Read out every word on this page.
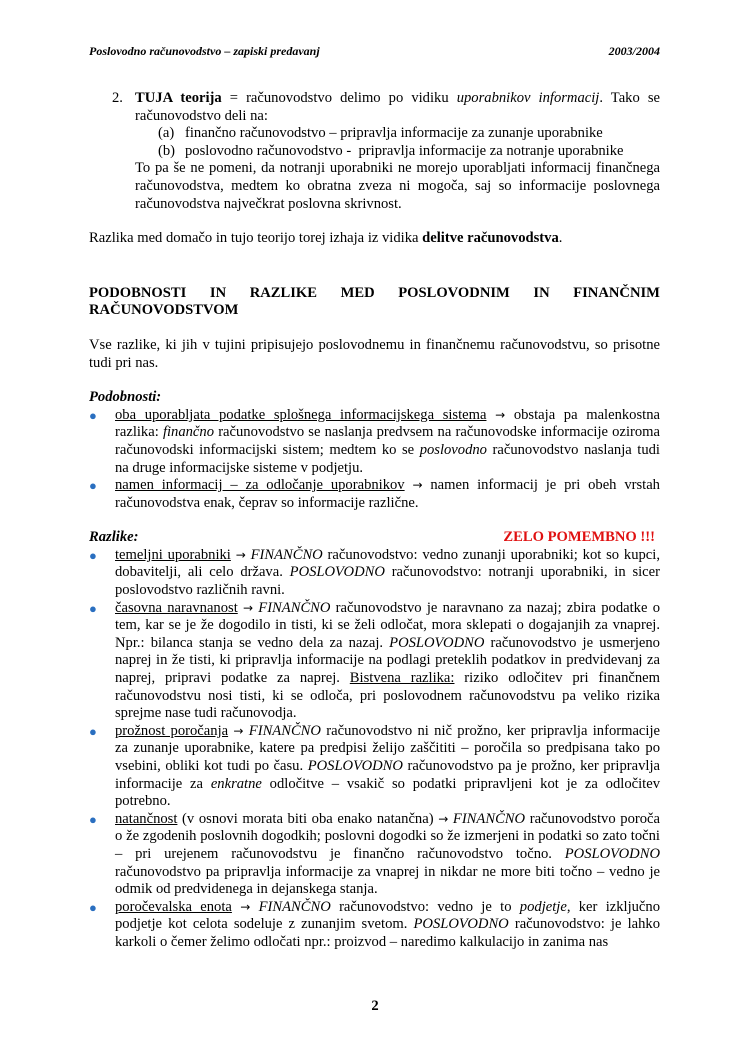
Poslovodno računovodstvo – zapiski predavanj	2003/2004
2. TUJA teorija = računovodstvo delimo po vidiku uporabnikov informacij. Tako se računovodstvo deli na:

(a) finančno računovodstvo – pripravlja informacije za zunanje uporabnike
(b) poslovodno računovodstvo -  pripravlja informacije za notranje uporabnike

To pa še ne pomeni, da notranji uporabniki ne morejo uporabljati informacij finančnega računovodstva, medtem ko obratna zveza ni mogoča, saj so informacije poslovnega računovodstva največkrat poslovna skrivnost.

Razlika med domačo in tujo teorijo torej izhaja iz vidika delitve računovodstva.

PODOBNOSTI IN RAZLIKE MED POSLOVODNIM IN FINANČNIM
RAČUNOVODSTVOM

Vse razlike, ki jih v tujini pripisujejo poslovodnemu in finančnemu računovodstvu, so prisotne tudi pri nas.

Podobnosti:
●	oba uporabljata podatke splošnega informacijskega sistema → obstaja pa malenkostna razlika: finančno računovodstvo se naslanja predvsem na računovodske informacije oziroma računovodski informacijski sistem; medtem ko se poslovodno računovodstvo naslanja tudi na druge informacijske sisteme v podjetju.
●	namen informacij – za odločanje uporabnikov → namen informacij je pri obeh vrstah računovodstva enak, čeprav so informacije različne.
Razlike:	ZELO POMEMBNO !!!
●	temeljni uporabniki → FINANČNO računovodstvo: vedno zunanji uporabniki; kot so kupci, dobavitelji, ali celo država. POSLOVODNO računovodstvo: notranji uporabniki, in sicer poslovodstvo različnih ravni.
●	časovna naravnanost → FINANČNO računovodstvo je naravnano za nazaj; zbira podatke o tem, kar se je že dogodilo in tisti, ki se želi odločat, mora sklepati o dogajanjih za vnaprej. Npr.: bilanca stanja se vedno dela za nazaj. POSLOVODNO računovodstvo je usmerjeno naprej in že tisti, ki pripravlja informacije na podlagi preteklih podatkov in predvidevanj za naprej, pripravi podatke za naprej. Bistvena razlika: riziko odločitev pri finančnem računovodstvu nosi tisti, ki se odloča, pri poslovodnem računovodstvu pa veliko rizika sprejme nase tudi računovodja.
●	prožnost poročanja → FINANČNO računovodstvo ni nič prožno, ker pripravlja informacije za zunanje uporabnike, katere pa predpisi želijo zaščititi – poročila so predpisana tako po vsebini, obliki kot tudi po času. POSLOVODNO računovodstvo pa je prožno, ker pripravlja informacije za enkratne odločitve – vsakič so podatki pripravljeni kot je za odločitev potrebno.
●	natančnost (v osnovi morata biti oba enako natančna) → FINANČNO računovodstvo poroča o že zgodenih poslovnih dogodkih; poslovni dogodki so že izmerjeni in podatki so zato točni – pri urejenem računovodstvu je finančno računovodstvo točno. POSLOVODNO računovodstvo pa pripravlja informacije za vnaprej in nikdar ne more biti točno – vedno je odmik od predvidenega in dejanskega stanja.
●	poročevalska enota → FINANČNO računovodstvo: vedno je to podjetje, ker izključno podjetje kot celota sodeluje z zunanjim svetom. POSLOVODNO računovodstvo: je lahko karkoli o čemer želimo odločati npr.: proizvod – naredimo kalkulacijo in zanima nas
2
